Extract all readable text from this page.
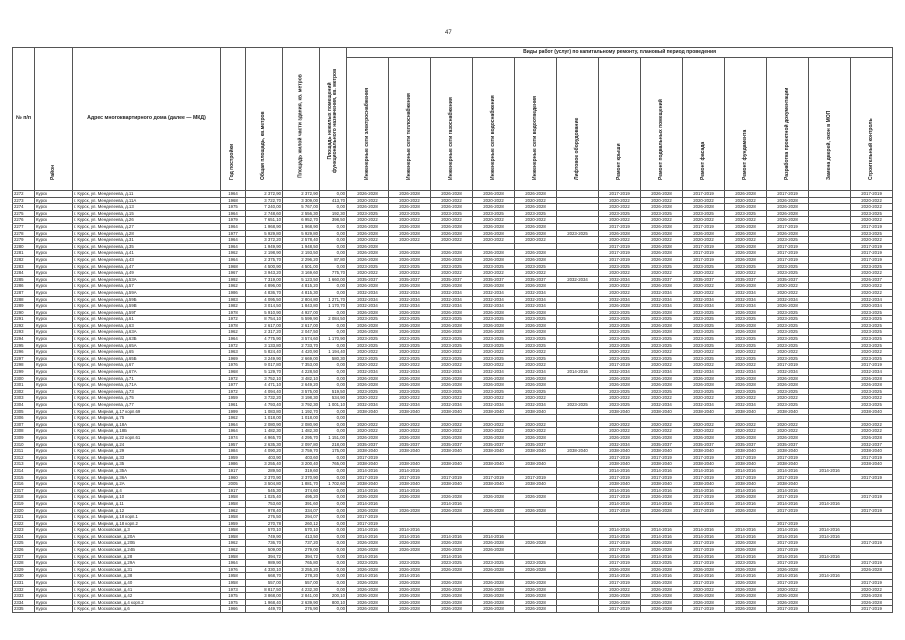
47
№ п/п	Район	Адрес многоквартирного дома (далее — МКД)	Год постройки	Общая площадь, кв.метров	Площадь жилой части здания, кв. метров	Площадь нежилых помещений функционального назначения, кв. метров	Виды работ (услуг) по капитальному ремонту, плановый период проведения												

							Инженерные сети электроснабжения	Инженерные сети теплоснабжения	Инженерные сети газоснабжения	Инженерные сети водоснабжения	Инженерные сети водоотведения	Лифтовое оборудование	Ремонт крыши	Ремонт подвальных помещений	Ремонт фасада	Ремонт фундамента	Разработка проектной документации	Замена дверей, окон в МОП	Строительный контроль

2272	Курск	г. Курск, ул. Менделеева, д.11	1964	2 372,90	2 372,90	0,00	2026-2028	2026-2028	2026-2028	2026-2028	2026-2028		2017-2019	2026-2028	2017-2019	2026-2028	2017-2019		2017-2019
2273	Курск	г. Курск, ул. Менделеева, д.11А	1968	3 722,70	3 309,00	413,70	2020-2022	2020-2022	2020-2022	2020-2022	2020-2022		2020-2022	2020-2022	2020-2022	2020-2022	2026-2028		2020-2022
2274	Курск	г. Курск, ул. Менделеева, д.13	1975	7 240,00	5 767,00	0,00	2026-2028	2026-2028	2026-2028	2026-2028	2026-2028		2020-2022	2026-2028	2026-2028	2026-2028	2026-2028		2020-2022
2275	Курск	г. Курск, ул. Менделеева, д.15	1964	2 748,60	2 556,30	192,30	2023-2025	2023-2025	2023-2025	2023-2025	2023-2025		2023-2025	2023-2025	2023-2025	2023-2025	2026-2028		2023-2025
2276	Курск	г. Курск, ул. Менделеева, д.26	1979	7 651,10	6 952,70	398,50	2020-2022	2020-2022	2020-2022	2020-2022	2020-2022		2020-2022	2020-2022	2020-2022	2020-2022	2026-2028		2020-2022
2277	Курск	г. Курск, ул. Менделеева, д.27	1964	1 968,90	1 968,90	0,00	2026-2028	2026-2028	2026-2028	2026-2028	2026-2028		2017-2019	2026-2028	2017-2019	2026-2028	2017-2019		2017-2019
2278	Курск	г. Курск, ул. Менделеева, д.28	1977	5 929,80	5 929,80	0,00	2026-2028	2026-2028	2026-2028	2026-2028	2026-2028	2023-2025	2026-2028	2026-2028	2026-2028	2026-2028	2026-2028		2023-2025
2279	Курск	г. Курск, ул. Менделеева, д.31	1964	3 372,20	2 578,40	0,00	2020-2022	2020-2022	2020-2022	2020-2022	2020-2022		2020-2022	2020-2022	2020-2022	2020-2022	2023-2025		2020-2022
2280	Курск	г. Курск, ул. Менделеева, д.35	1964	1 949,90	1 948,50	0,00	2026-2028						2017-2019	2026-2028	2017-2019	2026-2028	2017-2019		2017-2019
2281	Курск	г. Курск, ул. Менделеева, д.41	1962	2 198,90	2 193,50	0,00	2026-2028	2026-2028	2026-2028	2026-2028	2026-2028		2017-2019	2026-2028	2017-2019	2026-2028	2017-2019		2017-2019
2282	Курск	г. Курск, ул. Менделеева, д.43	1964	2 375,70	2 296,20	87,80	2026-2028	2026-2028	2026-2028	2026-2028	2026-2028		2017-2019	2026-2028	2017-2019	2026-2028	2017-2019		2017-2019
2283	Курск	г. Курск, ул. Менделеева, д.47	1968	4 500,90	4 501,00	0,00	2023-2025	2023-2025	2023-2025	2023-2025	2023-2025		2023-2025	2023-2025	2023-2025	2023-2025	2023-2025		2023-2025
2284	Курск	г. Курск, ул. Менделеева, д.49	1967	3 943,20	3 169,60	775,70	2020-2022	2020-2022	2020-2022	2020-2022	2020-2022		2020-2022	2020-2022	2020-2022	2020-2022	2023-2025		2020-2022
2285	Курск	г. Курск, ул. Менделеева, д.53А	1992	7 319,00	5 123,50	1 660,00	2035-2037	2035-2037	2035-2037	2035-2037	2035-2037	2032-2034	2032-2034	2035-2037	2035-2037	2035-2037	2035-2037		2026-2037
2286	Курск	г. Курск, ул. Менделеева, д.57	1962	4 896,00	4 815,20	0,00	2026-2028	2026-2028	2026-2028	2026-2028	2026-2028		2020-2022	2026-2028	2020-2022	2026-2028	2020-2022		2020-2022
2287	Курск	г. Курск, ул. Менделеева, д.59А	1986	4 836,70	4 815,30	0,00	2032-2034	2032-2034	2032-2034	2032-2034	2032-2034		2020-2022	2032-2034	2020-2022	2032-2034	2020-2022		2020-2022
2288	Курск	г. Курск, ул. Менделеева, д.59Б	1983	4 095,50	2 804,80	1 271,70	2032-2034	2032-2034	2032-2034	2032-2034	2032-2034		2032-2034	2032-2034	2032-2034	2032-2034	2032-2034		2032-2034
2289	Курск	г. Курск, ул. Менделеева, д.59В	1982	3 014,50	1 843,80	1 170,70	2032-2034	2032-2034	2032-2034	2032-2034	2032-2034		2026-2028	2032-2034	2032-2034	2032-2034	2026-2028		2020-2034
2290	Курск	г. Курск, ул. Менделеева, д.59Г	1978	5 910,90	4 927,00	0,00	2026-2028	2026-2028	2026-2028	2026-2028	2026-2028		2023-2025	2026-2028	2023-2025	2026-2028	2023-2025		2023-2025
2291	Курск	г. Курск, ул. Менделеева, д.61	1972	8 754,10	5 599,90	2 084,50	2023-2025	2023-2025	2023-2025	2023-2025	2023-2025		2023-2025	2023-2025	2023-2025	2023-2025	2023-2025		2023-2025
2292	Курск	г. Курск, ул. Менделеева, д.63	1978	2 617,00	2 617,00	0,00	2026-2028	2026-2028	2026-2028	2026-2028	2026-2028		2023-2025	2026-2028	2023-2025	2026-2028	2023-2025		2023-2025
2293	Курск	г. Курск, ул. Менделеева, д.63А	1962	2 317,20	2 047,50	0,00	2026-2028	2026-2028	2026-2028	2026-2028	2026-2028		2023-2025	2026-2028	2023-2025	2026-2028	2023-2025		2023-2025
2294	Курск	г. Курск, ул. Менделеева, д.63Б	1964	4 775,90	3 574,60	1 170,90	2023-2025	2023-2025	2023-2025	2023-2025	2023-2025		2023-2025	2023-2025	2023-2025	2023-2025	2023-2025		2023-2025
2295	Курск	г. Курск, ул. Менделеева, д.65А	1972	3 133,80	2 733,70	0,00	2023-2025	2023-2025	2023-2025	2023-2025	2023-2025		2023-2025	2023-2025	2023-2025	2023-2025	2023-2025		2023-2025
2296	Курск	г. Курск, ул. Менделеева, д.65	1963	5 824,40	4 420,90	1 194,40	2020-2022	2020-2022	2020-2022	2020-2022	2020-2022		2020-2022	2020-2022	2020-2022	2020-2022	2020-2022		2020-2022
2297	Курск	г. Курск, ул. Менделеева, д.65Б	1969	3 249,90	2 669,00	580,30	2023-2025	2023-2025	2023-2025	2023-2025	2023-2025		2023-2025	2023-2025	2023-2025	2023-2025	2023-2025		2023-2025
2298	Курск	г. Курск, ул. Менделеева, д.67	1976	9 017,80	7 353,00	0,00	2020-2022	2020-2022	2020-2022	2020-2022	2020-2022		2017-2019	2020-2022	2020-2022	2020-2022	2017-2019		2017-2019
2299	Курск	г. Курск, ул. Менделеева, д.67А	1968	5 129,70	4 228,50	0,00	2032-2034	2032-2034	2032-2034	2032-2034	2032-2034	2014-2016	2032-2034	2032-2034	2032-2034	2032-2034	2032-2034		2032-2034
2300	Курск	г. Курск, ул. Менделеева, д.71	1972	3 752,10	3 482,10	0,00	2026-2028	2026-2028	2026-2028	2026-2028	2026-2028		2026-2028	2026-2028	2026-2028	2026-2028	2026-2028		2026-2028
2301	Курск	г. Курск, ул. Менделеева, д.71А	1977	4 471,10	2 649,20	0,00	2026-2028	2026-2028	2026-2028	2026-2028	2026-2028		2026-2028	2026-2028	2026-2028	2026-2028	2026-2028		2026-2028
2302	Курск	г. Курск, ул. Менделеева, д.73	1972	4 094,40	3 575,00	519,50	2023-2025	2023-2025	2023-2025	2023-2025	2023-2025		2023-2025	2023-2025	2023-2025	2023-2025	2023-2025		2023-2025
2303	Курск	г. Курск, ул. Менделеева, д.75	1959	3 732,20	3 198,30	534,90	2020-2022	2020-2022	2020-2022	2020-2022	2020-2022		2020-2022	2020-2022	2020-2022	2020-2022	2020-2022		2020-2022
2304	Курск	г. Курск, ул. Менделеева, д.77	1961	4 793,40	3 792,30	1 001,10	2032-2034	2032-2034	2032-2034	2032-2034	2032-2034	2023-2025	2023-2025	2032-2034	2032-2034	2032-2034	2023-2025		2023-2025
2305	Курск	г. Курск, ул. Мирная, д.17 корп.69	1999	1 083,80	1 192,70	0,00	2038-2040	2038-2040	2038-2040	2038-2040	2038-2040		2038-2040	2038-2040	2038-2040	2038-2040	2038-2040		2038-2040
2306	Курск	г. Курск, ул. Мирная, д.75	1962	1 018,00	1 018,00	0,00													
2307	Курск	г. Курск, ул. Мирная, д.18А	1964	2 080,90	2 080,90	0,00	2020-2022	2020-2022	2020-2022	2020-2022	2020-2022		2020-2022	2020-2022	2020-2022	2020-2022	2020-2022		2020-2022
2308	Курск	г. Курск, ул. Мирная, д.18Б	1964	1 482,30	1 482,30	0,00	2020-2022	2020-2022	2020-2022	2020-2022	2020-2022		2020-2022	2020-2022	2020-2022	2020-2022	2020-2022		2020-2022
2309	Курск	г. Курск, ул. Мирная, д.22 корп.61	1974	4 965,70	4 295,70	1 151,00	2026-2028	2026-2028	2026-2028	2026-2028	2026-2028		2026-2028	2026-2028	2026-2028	2026-2028	2026-2028		2026-2028
2310	Курск	г. Курск, ул. Мирная, д.24	1957	2 635,30	2 097,80	218,00	2035-2037	2035-2037	2035-2037	2035-2037	2035-2037		2032-2034	2035-2037	2035-2037	2035-2037	2035-2037		2032-2037
2311	Курск	г. Курск, ул. Мирная, д.29	1984	4 090,20	3 759,70	175,00	2038-2040	2038-2040	2038-2040	2038-2040	2038-2040	2038-2040	2038-2040	2038-2040	2038-2040	2038-2040	2038-2040		2038-2040
2312	Курск	г. Курск, ул. Мирная, д.33	1959	403,90	403,60	0,00	2017-2019						2017-2019	2017-2019	2017-2019	2017-2019	2017-2019		2017-2019
2313	Курск	г. Курск, ул. Мирная, д.35	1986	3 255,40	3 200,40	765,00	2038-2040	2038-2040	2038-2040	2038-2040	2038-2040		2038-2040	2038-2040	2038-2040	2038-2040	2038-2040		2038-2040
2314	Курск	г. Курск, ул. Мирная, д.35А	1917	289,50	319,60	0,00	2014-2016	2014-2016					2014-2016	2014-2016	2014-2016	2014-2016	2014-2016	2014-2016	
2315	Курск	г. Курск, ул. Мирная, д.36А	1960	2 370,90	2 370,90	0,00	2017-2019	2017-2019	2017-2019	2017-2019	2017-2019		2017-2019	2017-2019	2017-2019	2017-2019	2017-2019		2017-2019
2316	Курск	г. Курск, ул. Мирная, д.2А	2005	3 504,80	1 881,70	1 702,60	2038-2040	2038-2040	2038-2040	2038-2040	2038-2040		2038-2040	2038-2040	2038-2040	2038-2040	2038-2040		
2317	Курск	г. Курск, ул. Мирная, д.4	1917	545,30	374,60	0,00	2014-2016	2014-2016					2014-2016	2014-2016	2014-2016	2014-2016	2014-2016		
2318	Курск	г. Курск, ул. Мирная, д.10	1958	1 025,40	495,20	0,00	2026-2028	2026-2028	2026-2028	2026-2028	2026-2028		2017-2019	2026-2028	2017-2019	2026-2028	2017-2019		2017-2019
2319	Курск	г. Курск, ул. Мирная, д.11	1958	753,60	391,60	0,00	2014-2016		2014-2016				2014-2016	2014-2016	2014-2016	2014-2016	2014-2016	2014-2016	
2320	Курск	г. Курск, ул. Мирная, д.12	1962	978,40	334,07	0,00	2026-2028	2026-2028	2026-2028	2026-2028	2026-2028		2017-2019	2026-2028	2017-2019	2026-2028	2017-2019		2017-2019
2321	Курск	г. Курск, ул. Мирная, д.18 корп.1	1958	276,50	294,07	0,00	2017-2019												
2322	Курск	г. Курск, ул. Мирная, д.18 корп.2	1959	270,78	260,12	0,00	2017-2019										2017-2019		
2323	Курск	г. Курск, ул. Московская, д.3	1958	570,10	570,10	0,00	2014-2016	2014-2016					2014-2016	2014-2016	2014-2016	2014-2016	2014-2016	2014-2016	
2324	Курск	г. Курск, ул. Московская, д.20А	1958	749,90	413,50	0,00	2014-2016	2014-2016	2014-2016	2014-2016			2014-2016	2014-2016	2014-2016	2014-2016	2014-2016	2014-2016	
2325	Курск	г. Курск, ул. Московская, д.20Б	1962	736,70	737,20	0,00	2026-2028	2026-2028	2026-2028	2026-2028	2026-2028		2017-2019	2026-2028	2017-2019	2026-2028	2017-2019		2017-2019
2326	Курск	г. Курск, ул. Московская, д.24Б	1962	509,00	279,00	0,00	2026-2028	2026-2028	2026-2028	2026-2028			2017-2019	2026-2028	2017-2019	2026-2028	2017-2019		
2327	Курск	г. Курск, ул. Московская, д.28	1958	394,72	394,72	0,00	2014-2016		2014-2016				2014-2016	2014-2016	2014-2016	2014-2016	2014-2016	2014-2016	
2328	Курск	г. Курск, ул. Московская, д.29А	1964	989,90	765,80	0,00	2023-2025	2023-2025	2023-2025	2023-2025	2023-2025		2017-2019	2023-2025	2017-2019	2023-2025	2017-2019		2017-2019
2329	Курск	г. Курск, ул. Московская, д.31	1976	4 330,10	3 255,20	0,00	2026-2028	2026-2028	2026-2028	2026-2028	2026-2028		2026-2028	2026-2028	2026-2028	2026-2028	2026-2028		2026-2028
2330	Курск	г. Курск, ул. Московская, д.38	1958	668,70	278,20	0,00	2014-2016	2014-2016					2014-2016	2014-2016	2014-2016	2014-2016	2014-2016	2014-2016	
2331	Курск	г. Курск, ул. Московская, д.40	1958	557,00	557,00	0,00	2026-2028	2026-2028	2026-2028	2026-2028	2026-2028		2017-2019	2026-2028	2017-2019	2026-2028	2017-2019		2017-2019
2332	Курск	г. Курск, ул. Московская, д.41	1973	8 817,50	4 232,30	0,00	2026-2028	2026-2028	2026-2028	2026-2028	2026-2028		2020-2022	2026-2028	2020-2022	2026-2028	2020-2022		2020-2022
2333	Курск	г. Курск, ул. Московская, д.42	1975	3 868,00	2 841,00	200,10	2026-2028	2026-2028	2026-2028	2026-2028	2026-2028		2026-2028	2026-2028	2026-2028	2026-2028	2026-2028		2026-2028
2334	Курск	г. Курск, ул. Московская, д.4 корп.2	1975	1 968,40	2 639,90	800,10	2026-2028	2026-2028	2026-2028	2026-2028	2026-2028		2026-2028	2026-2028	2026-2028	2026-2028	2026-2028		2026-2028
2335	Курск	г. Курск, ул. Московская, д.6	1966	449,70	276,90	0,00	2026-2028	2026-2028	2026-2028	2026-2028	2026-2028		2017-2019	2026-2028	2017-2019	2026-2028	2017-2019		2017-2019
